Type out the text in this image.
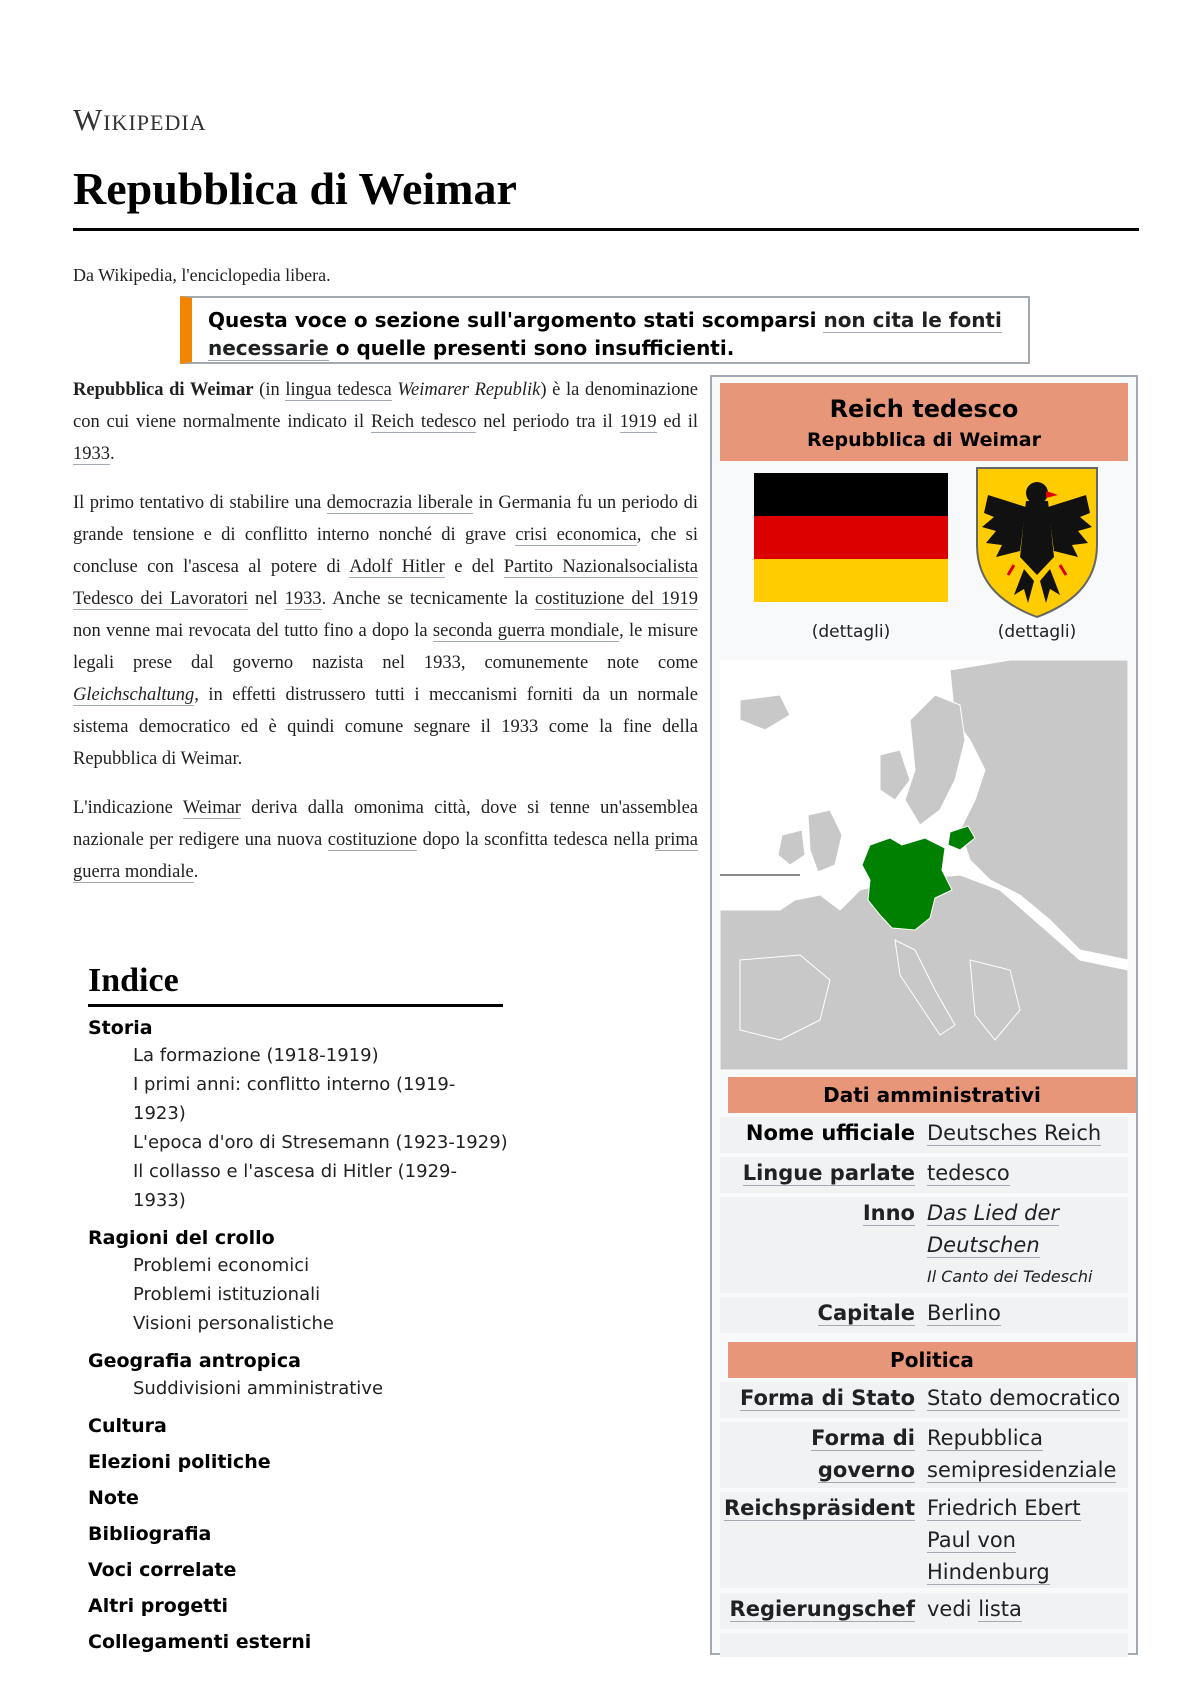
Wikipedia
Repubblica di Weimar
Da Wikipedia, l'enciclopedia libera.
Questa voce o sezione sull'argomento stati scomparsi non cita le fonti necessarie o quelle presenti sono insufficienti.

Repubblica di Weimar (in lingua tedesca Weimarer Republik) è la denominazione con cui viene normalmente indicato il Reich tedesco nel periodo tra il 1919 ed il 1933.

Il primo tentativo di stabilire una democrazia liberale in Germania fu un periodo di grande tensione e di conflitto interno nonché di grave crisi economica, che si concluse con l'ascesa al potere di Adolf Hitler e del Partito Nazionalsocialista Tedesco dei Lavoratori nel 1933. Anche se tecnicamente la costituzione del 1919 non venne mai revocata del tutto fino a dopo la seconda guerra mondiale, le misure legali prese dal governo nazista nel 1933, comunemente note come Gleichschaltung, in effetti distrussero tutti i meccanismi forniti da un normale sistema democratico ed è quindi comune segnare il 1933 come la fine della Repubblica di Weimar.

L'indicazione Weimar deriva dalla omonima città, dove si tenne un'assemblea nazionale per redigere una nuova costituzione dopo la sconfitta tedesca nella prima guerra mondiale.

Indice
Storia
La formazione (1918-1919)
I primi anni: conflitto interno (1919-1923)
L'epoca d'oro di Stresemann (1923-1929)
Il collasso e l'ascesa di Hitler (1929-1933)
Ragioni del crollo
Problemi economici
Problemi istituzionali
Visioni personalistiche
Geografia antropica
Suddivisioni amministrative
Cultura
Elezioni politiche
Note
Bibliografia
Voci correlate
Altri progetti
Collegamenti esterni
Reich tedesco
Repubblica di Weimar
(dettagli)	(dettagli)
Dati amministrativi
Nome ufficiale Deutsches Reich
Lingue parlate tedesco
Inno Das Lied der Deutschen
Il Canto dei Tedeschi
Capitale Berlino
Politica
Forma di Stato Stato democratico
Forma di governo
Repubblica semipresidenziale
Reichspräsident Friedrich Ebert
Paul von Hindenburg
Regierungschef vedi lista
